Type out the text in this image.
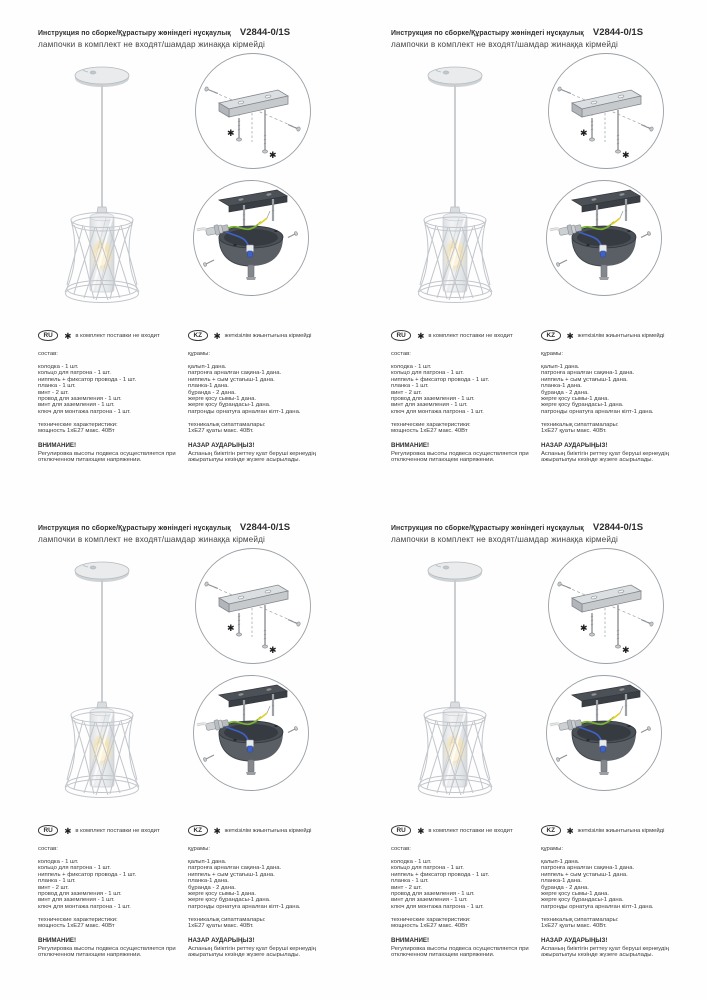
Инструкция по сборке/Құрастыру жөніндегі нұсқаулық V2844-0/1S
лампочки в комплект не входят/шамдар жинаққа кірмейді
✱
✱
RU	✱ в комплект поставки не входит
состав:
колодка - 1 шт.
кольцо для патрона - 1 шт.
ниппель + фиксатор провода - 1 шт.
планка - 1 шт.
винт - 2 шт.
провод для заземления - 1 шт.
винт для заземления - 1 шт.
ключ для монтажа патрона - 1 шт.
технические характеристики:
мощность 1хЕ27 макс. 40Вт
ВНИМАНИЕ!
Регулировка высоты подвеса осуществляется при отключенном питающем напряжении.
KZ	✱ жеткізілім жиынтығына кірмейді
құрамы:
қалып-1 дана.
патронға арналған сақина-1 дана.
ниппель + сым ұстағыш-1 дана.
планка-1 дана.
бұранда - 2 дана.
жерге қосу сымы-1 дана.
жерге қосу бұрандасы-1 дана.
патронды орнатуға арналған кілт-1 дана.
техникалық сипаттамалары:
1хЕ27 қуаты макс. 40Вт.
НАЗАР АУДАРЫҢЫЗ!
Аспаның биіктігін реттеу қуат беруші кернеудің ажыратылуы кезінде жүзеге асырылады.
Инструкция по сборке/Құрастыру жөніндегі нұсқаулық V2844-0/1S
лампочки в комплект не входят/шамдар жинаққа кірмейді
✱
✱
RU	✱ в комплект поставки не входит
состав:
колодка - 1 шт.
кольцо для патрона - 1 шт.
ниппель + фиксатор провода - 1 шт.
планка - 1 шт.
винт - 2 шт.
провод для заземления - 1 шт.
винт для заземления - 1 шт.
ключ для монтажа патрона - 1 шт.
технические характеристики:
мощность 1хЕ27 макс. 40Вт
ВНИМАНИЕ!
Регулировка высоты подвеса осуществляется при отключенном питающем напряжении.
KZ	✱ жеткізілім жиынтығына кірмейді
құрамы:
қалып-1 дана.
патронға арналған сақина-1 дана.
ниппель + сым ұстағыш-1 дана.
планка-1 дана.
бұранда - 2 дана.
жерге қосу сымы-1 дана.
жерге қосу бұрандасы-1 дана.
патронды орнатуға арналған кілт-1 дана.
техникалық сипаттамалары:
1хЕ27 қуаты макс. 40Вт.
НАЗАР АУДАРЫҢЫЗ!
Аспаның биіктігін реттеу қуат беруші кернеудің ажыратылуы кезінде жүзеге асырылады.
Инструкция по сборке/Құрастыру жөніндегі нұсқаулық V2844-0/1S
лампочки в комплект не входят/шамдар жинаққа кірмейді
✱
✱
RU	✱ в комплект поставки не входит
состав:
колодка - 1 шт.
кольцо для патрона - 1 шт.
ниппель + фиксатор провода - 1 шт.
планка - 1 шт.
винт - 2 шт.
провод для заземления - 1 шт.
винт для заземления - 1 шт.
ключ для монтажа патрона - 1 шт.
технические характеристики:
мощность 1хЕ27 макс. 40Вт
ВНИМАНИЕ!
Регулировка высоты подвеса осуществляется при отключенном питающем напряжении.
KZ	✱ жеткізілім жиынтығына кірмейді
құрамы:
қалып-1 дана.
патронға арналған сақина-1 дана.
ниппель + сым ұстағыш-1 дана.
планка-1 дана.
бұранда - 2 дана.
жерге қосу сымы-1 дана.
жерге қосу бұрандасы-1 дана.
патронды орнатуға арналған кілт-1 дана.
техникалық сипаттамалары:
1хЕ27 қуаты макс. 40Вт.
НАЗАР АУДАРЫҢЫЗ!
Аспаның биіктігін реттеу қуат беруші кернеудің ажыратылуы кезінде жүзеге асырылады.
Инструкция по сборке/Құрастыру жөніндегі нұсқаулық V2844-0/1S
лампочки в комплект не входят/шамдар жинаққа кірмейді
✱
✱
RU	✱ в комплект поставки не входит
состав:
колодка - 1 шт.
кольцо для патрона - 1 шт.
ниппель + фиксатор провода - 1 шт.
планка - 1 шт.
винт - 2 шт.
провод для заземления - 1 шт.
винт для заземления - 1 шт.
ключ для монтажа патрона - 1 шт.
технические характеристики:
мощность 1хЕ27 макс. 40Вт
ВНИМАНИЕ!
Регулировка высоты подвеса осуществляется при отключенном питающем напряжении.
KZ	✱ жеткізілім жиынтығына кірмейді
құрамы:
қалып-1 дана.
патронға арналған сақина-1 дана.
ниппель + сым ұстағыш-1 дана.
планка-1 дана.
бұранда - 2 дана.
жерге қосу сымы-1 дана.
жерге қосу бұрандасы-1 дана.
патронды орнатуға арналған кілт-1 дана.
техникалық сипаттамалары:
1хЕ27 қуаты макс. 40Вт.
НАЗАР АУДАРЫҢЫЗ!
Аспаның биіктігін реттеу қуат беруші кернеудің ажыратылуы кезінде жүзеге асырылады.
